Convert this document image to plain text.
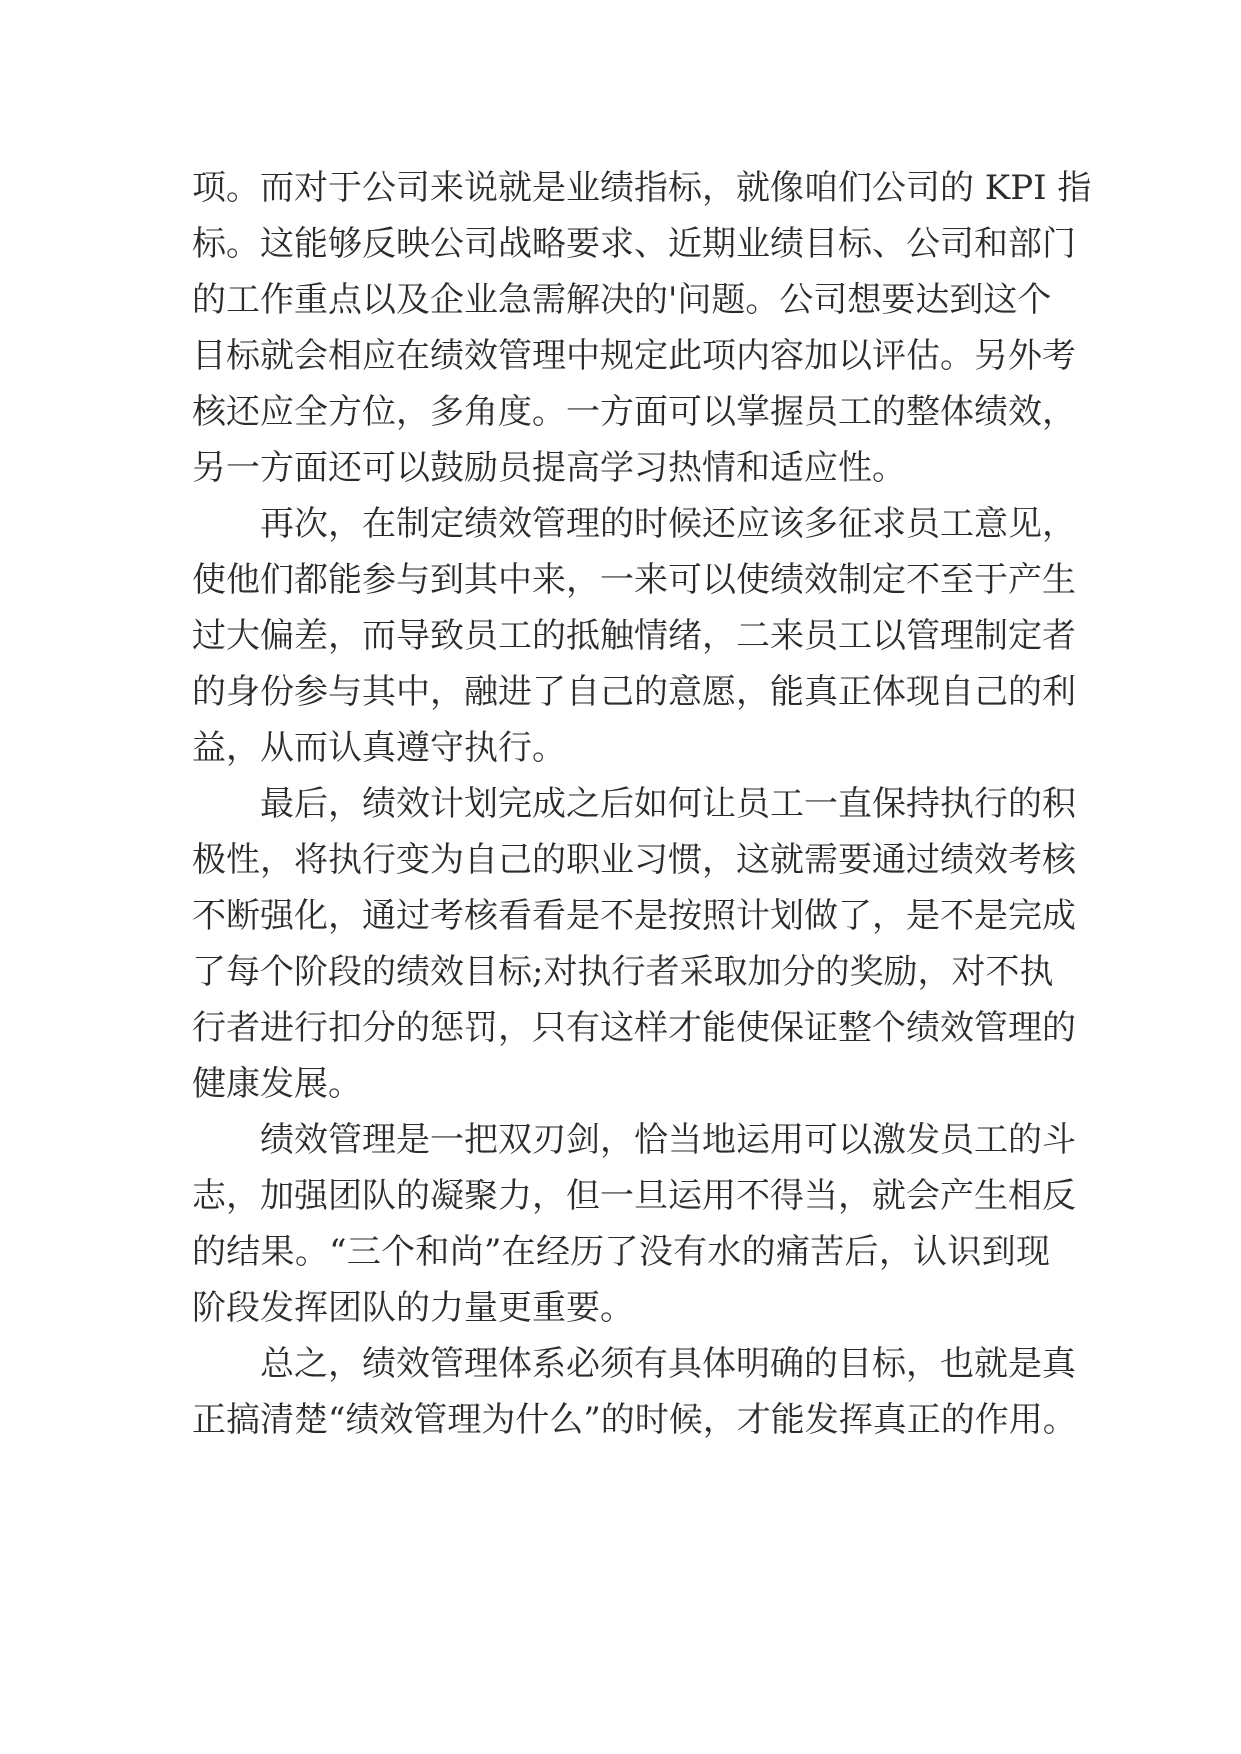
项。而对于公司来说就是业绩指标，就像咱们公司的 KPI 指
标。这能够反映公司战略要求、近期业绩目标、公司和部门
的工作重点以及企业急需解决的'问题。公司想要达到这个
目标就会相应在绩效管理中规定此项内容加以评估。另外考
核还应全方位，多角度。一方面可以掌握员工的整体绩效，
另一方面还可以鼓励员提高学习热情和适应性。
再次，在制定绩效管理的时候还应该多征求员工意见，
使他们都能参与到其中来，一来可以使绩效制定不至于产生
过大偏差，而导致员工的抵触情绪，二来员工以管理制定者
的身份参与其中，融进了自己的意愿，能真正体现自己的利
益，从而认真遵守执行。
最后，绩效计划完成之后如何让员工一直保持执行的积
极性，将执行变为自己的职业习惯，这就需要通过绩效考核
不断强化，通过考核看看是不是按照计划做了，是不是完成
了每个阶段的绩效目标;对执行者采取加分的奖励，对不执
行者进行扣分的惩罚，只有这样才能使保证整个绩效管理的
健康发展。
绩效管理是一把双刃剑，恰当地运用可以激发员工的斗
志，加强团队的凝聚力，但一旦运用不得当，就会产生相反
的结果。“三个和尚”在经历了没有水的痛苦后，认识到现
阶段发挥团队的力量更重要。
总之，绩效管理体系必须有具体明确的目标，也就是真
正搞清楚“绩效管理为什么”的时候，才能发挥真正的作用。
